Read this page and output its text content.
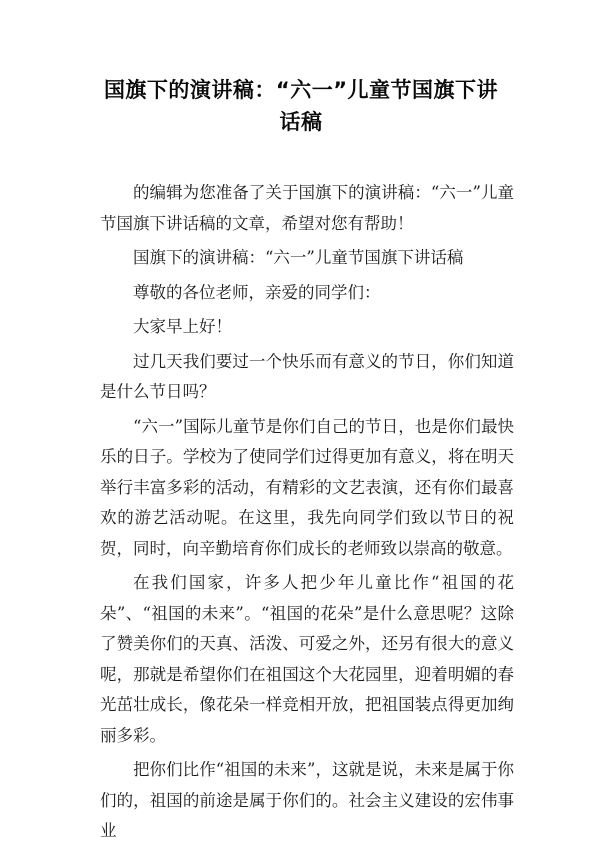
国旗下的演讲稿：“六一”儿童节国旗下讲话稿

的编辑为您准备了关于国旗下的演讲稿：“六一”儿童节国旗下讲话稿的文章，希望对您有帮助！

国旗下的演讲稿：“六一”儿童节国旗下讲话稿

尊敬的各位老师，亲爱的同学们：

大家早上好！

过几天我们要过一个快乐而有意义的节日，你们知道是什么节日吗？

“六一”国际儿童节是你们自己的节日，也是你们最快乐的日子。学校为了使同学们过得更加有意义，将在明天举行丰富多彩的活动，有精彩的文艺表演，还有你们最喜欢的游艺活动呢。在这里，我先向同学们致以节日的祝贺，同时，向辛勤培育你们成长的老师致以崇高的敬意。

在我们国家，许多人把少年儿童比作“祖国的花朵”、“祖国的未来”。“祖国的花朵”是什么意思呢？这除了赞美你们的天真、活泼、可爱之外，还另有很大的意义呢，那就是希望你们在祖国这个大花园里，迎着明媚的春光茁壮成长，像花朵一样竞相开放，把祖国装点得更加绚丽多彩。

把你们比作“祖国的未来”，这就是说，未来是属于你们的，祖国的前途是属于你们的。社会主义建设的宏伟事业
